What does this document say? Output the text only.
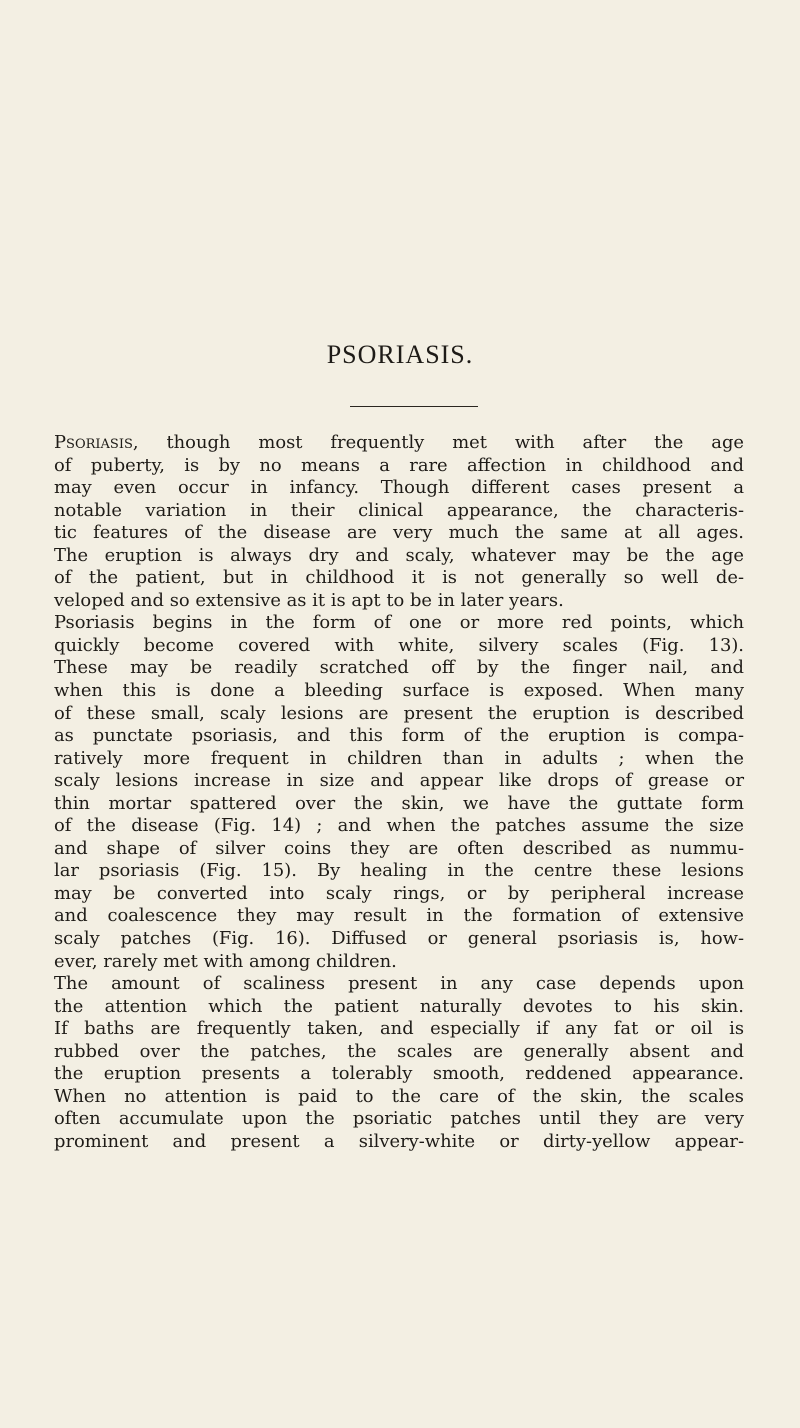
PSORIASIS.
Psoriasis, though most frequently met with after the age
of puberty, is by no means a rare affection in childhood and
may even occur in infancy. Though different cases present a
notable variation in their clinical appearance, the characteris-
tic features of the disease are very much the same at all ages.
The eruption is always dry and scaly, whatever may be the age
of the patient, but in childhood it is not generally so well de-
veloped and so extensive as it is apt to be in later years.
Psoriasis begins in the form of one or more red points, which
quickly become covered with white, silvery scales (Fig. 13).
These may be readily scratched off by the finger nail, and
when this is done a bleeding surface is exposed. When many
of these small, scaly lesions are present the eruption is described
as punctate psoriasis, and this form of the eruption is compa-
ratively more frequent in children than in adults ; when the
scaly lesions increase in size and appear like drops of grease or
thin mortar spattered over the skin, we have the guttate form
of the disease (Fig. 14) ; and when the patches assume the size
and shape of silver coins they are often described as nummu-
lar psoriasis (Fig. 15). By healing in the centre these lesions
may be converted into scaly rings, or by peripheral increase
and coalescence they may result in the formation of extensive
scaly patches (Fig. 16). Diffused or general psoriasis is, how-
ever, rarely met with among children.
The amount of scaliness present in any case depends upon
the attention which the patient naturally devotes to his skin.
If baths are frequently taken, and especially if any fat or oil is
rubbed over the patches, the scales are generally absent and
the eruption presents a tolerably smooth, reddened appearance.
When no attention is paid to the care of the skin, the scales
often accumulate upon the psoriatic patches until they are very
prominent and present a silvery-white or dirty-yellow appear-
